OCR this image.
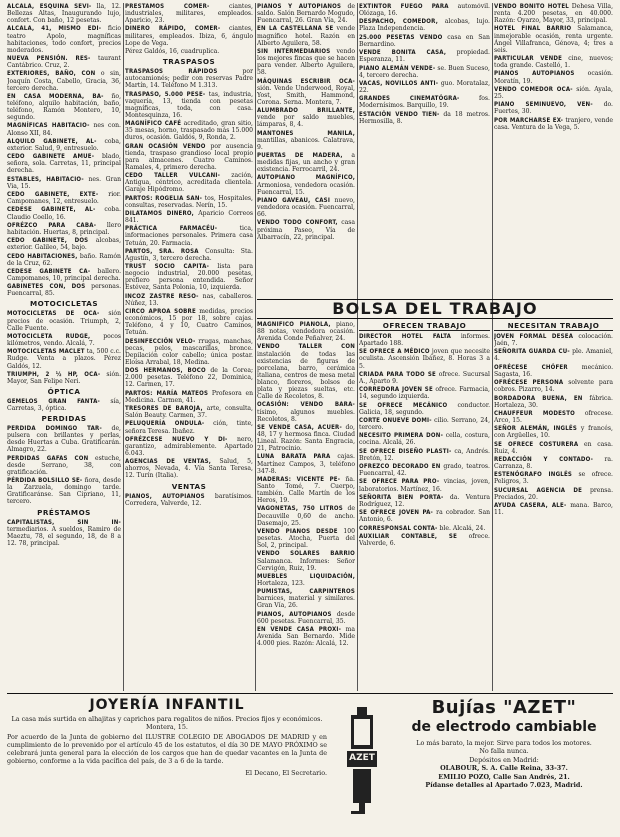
ALCALA, ESQUINA SEVI- lla, 12. Bellezas Altas, Inaugurando lujo, confort. Con baño, 12 pesetas.

ALCALA, 41, MISMO EDI- ficio teatro Apolo, magníficas habitaciones, todo confort, precios moderados.

NUEVA PENSIÓN. RES- taurant Cantábrico. Cruz, 2.

EXTERIORES, BAÑO, CON o sin, Joaquín Costa, Cabello, Gracia, 36, tercero derecha.

EN CASA MODERNA, BA- ño, teléfono, alquilo habitación, baño, teléfono, Ramón Montero, 10, segundo.

MAGNÍFICAS HABITACIO- nes con. Alonso XII, 84.

ALQUILO GABINETE, AL- coba, exterior. Salud, 9, entresuelo.

CEDO GABINETE AMUE- blado, señora, sola. Carretas, 11, principal derecha.

ESTABLES, HABITACIO- nes. Gran Via, 15.

CEDO GABINETE, EXTE- rior. Campomanes, 12, entresuelo.

CEDESE GABINETE, AL- coba. Claudio Coello, 16.

OFRÉZCO PARA CABA- llero habitación. Huertas, 8, principal.

CEDO GABINETE, DOS alcobas, exterior. Galileo, 54, bajo.

CEDO HABITACIONES, baño. Ramón de la Cruz, 62.

CEDESE GABINETE CA- ballero. Campomanes, 10, principal derecha.

GABINETES CON, DOS personas. Fuencarral, 85.

MOTOCICLETAS

MOTOCICLETAS DE OCA- sión precios de ocasión. Triumph, 2, Calle Fuente.

MOTOCICLETA RUDGE, pocos kilómetros, vendo. Alcalá, 7.

MOTOCICLETAS MACLET ta, 500 c.c. Rudge. Venta a plazos. Pérez Galdós, 12.

TRIUMPH, 2 ½ HP, OCA- sión. Mayor, San Felipe Neri.

ÓPTICA

GEMELOS GRAN FANTA- sía, Carretas, 3, óptica.

PERDIDAS

PERDIDA DOMINGO TAR- de, pulsera con brillantes y perlas, desde Huertas a Cuba. Gratificarán. Almagro, 22.

PERDIDAS GAFAS CON estuche, desde Serrano, 38, con gratificación.

PÉRDIDA BOLSILLO SE- ñora, desde la Zarzuela, domingo tarde. Gratificaránse. San Cipriano, 11, tercero.

PRÉSTAMOS

CAPITALISTAS, SIN IN- termediarios. A sueldos, Ramiro de Maeztu, 78, el segundo, 18, de 8 a 12. 78, principal.

PRÉSTAMOS COMER- ciantes, industriales, militares, empleados. Aparicio, 23.

DINERO RÁPIDO, COMER- ciantes, militares, empleados. Ibiza, 6, ángulo Lope de Vega.

Pérez Galdós, 16, cuadruplica.

TRASPASOS

TRASPASOS RÁPIDOS por autocamionés; pedir con reservas Padre Martín, 14. Teléfono M 1.313.

TRASPASO, 5.000 PESE- tas, industria, vaquería, 13, tienda con pesetas magníficas, toda, con casa. Montesquinza, 16.

MAGNÍFICO CAFÉ acreditado, gran sitio, 35 mesas, horno, traspasado más 15.000 duros, ocasión. Galdós, 9, Ronda, 2.

GRAN OCASIÓN VENDO por ausencia tienda, traspaso grandioso local propio para almacenes. Cuatro Caminos. Ramales, 4, primero derecha.

CEDO TALLER VULCANI- zación, Antigua, céntrico, acreditada clientela. Garaje Hipódromo.

PARTOS: ROGELIA SAN- tos, Hospitales, consultas, reservadas. Nerín, 15.

DILATAMOS DINERO, Aparicio Correos 841.

PRÁCTICA FARMACÉU- tica, informaciones personales. Primera casa Tetuán, 20. Farmacia.

PARTOS, SRA. ROSA Consulta: Sta. Agustín, 3, tercero derecha.

TRUST SOCIO CAPITA- lista para negocio industrial, 20.000 pesetas, prefiero persona entendida. Señor Estévez, Santa Polonia, 10, izquierda.

INCOZ ZASTRE RESO- nas, caballeros. Núñez, 13.

CIRCO APROA SOBRE medidas, precios económicos, 15 por 18, sobre cajas. Teléfono, 4 y 10, Cuatro Caminos, Tetuán.

DESINFECCIÓN VELO- rrugas, manchas, pecas, pelos, mascarillas, bronce. Depilación color cabello; única postar. Eloísa Arrabal, 18, Medina.

DOS HERMANOS, BOCO de la Corea; 2.000 pesetas. Teléfono 22, Dominica, 12. Carmen, 17.

PARTOS: MARÍA MATEOS Profesora en Medicina. Carmen, 41.

TRESORES DE BAROJA, arte, consulta, Salón Beauty. Carmen, 37.

PELUQUERÍA ONDULA- ción, tinte, señora Teresa. Ibañez.

OFRÉZCESE NUEVO Y DI- nero, garantizo, admirablemente. Apartado 6.043.

AGENCIAS DE VENTAS, Salud, 5, ahorros, Nevada, 4. Vía Santa Teresa, 12. Turín (Italia).

VENTAS

PIANOS, AUTOPIANOS baratísimos. Corredera, Valverde, 12.

PIANOS Y AUTOPIANOS de saldo. Salón Bernardo Mogudo, Fuencarral, 26. Gran Vía, 24.

EN LA CASTELLANA SE vende magnífico hotel. Razón en Alberto Aguilera, 58.

SIN INTERMEDIARIOS vendo los mejores fincas que se hacen para vender. Alberto Aguilera, 58.

MÁQUINAS ESCRIBIR OCA- sión. Vende Underwood, Royal, Yost, Smith, Hammond, Corona. Serna. Montera, 7.

ALUMBRADO BRILLANTE, vende por saldo muebles, lámparas, 8, 4.

MANTONES MANILA, mantillas, abanicos. Calatrava, 9.

PUERTAS DE MADERA, a medidas fijas, un ancho y gran existencia. Ferrocarril, 24.

AUTOPIANO MAGNÍFICO, Armoniosa, vendedora ocasión. Fuencarral, 15.

PIANO GAVEAU, CASI nuevo, vendedora ocasión. Fuencarral, 66.

VENDO TODO CONFORT, casa próxima Paseo, Vía de Albarracín, 22, principal.

MAGNÍFICO PIANOLA, piano, 88 notas, vendedora ocasión. Avenida Conde Peñalver, 24.

VENDO TALLER CON instalación de todas las existencias de figuras de porcelana, barro, cerámica italiana, centros de mesa metal blanco, floreros, bolsos de plata y piezas sueltas, etc. Calle de Recoletos, 8.

OCASIÓN: VENDO BARA- tísimo, algunos muebles. Recoletos, 8.

SE VENDE CASA, ACUER- do, 48, 17 y hermosa finca. Ciudad Lineal. Razón: Santa Engracia, 21, Patrocinio.

LUNA BARATA PARA cajas. Martínez Campos, 3, teléfono 347-8.

MADERAS: VICENTE PE- ña. Santo Tomé, 7. Cuerpo, también. Calle Martín de los Heros, 19.

VAGONETAS, 750 LITROS de Decauville 0,60 de ancho. Dasemajo, 25.

VENDO PIANOS DESDE 100 pesetas. Atocha, Puerta del Sol, 2, principal.

VENDO SOLARES BARRIO Salamanca. Informes: Señor Cervigón, Ruiz, 19.

MUEBLES LIQUIDACIÓN, Hortaleza, 123.

PUMISTAS, CARPINTEROS barnices, material y similares. Gran Vía, 26.

PIANOS, AUTOPIANOS desde 600 pesetas. Fuencarral, 35.

EN VENDE CASA PROXI- ma Avenida San Bernardo. Mide 4.000 pies. Razón: Alcalá, 12.

EXTINTOR FUEGO PARA automóvil. Olózaga, 16.

DESPACHO, COMEDOR, alcobas, lujo. Plaza Independencia.

25.000 PESETAS VENDO casa en San Bernardino.

VENDE BONITA CASA, propiedad. Esperanza, 11.

PIANO ALEMÁN VENDE- se. Buen Suceso, 4, tercero derecha.

VACAS, NOVILLOS ANTI- guo. Moratalaz, 22.

GRANDES CINEMATÓGRA- fos. Modernísimos. Barquillo, 19.

ESTACIÓN VENDO TIEN- da 18 metros. Hermosilla, 8.

OFRECEN TRABAJO

DIRECTOR HOTEL FALTA informes. Apartado 188.

SE OFRECE A MÉDICO joven que necesite oculista. Ascensión Ibáñez, 8. Horas 3 a 5.

CRIADA PARA TODO SE ofrece. Sucursal A., Aparto 9.

CORREDORA JOVEN SE ofrece. Farmacia, 14, segundo izquierda.

SE OFRECE MECÁNICO conductor. Galicia, 18, segundo.

CORTE ONUEVE DOMI- cilio. Serrano, 24, tercero.

NECESITO PRIMERA DON- cella, costura, cocina. Alcalá, 26.

SE OFRECE DISEÑO PLASTI- ca, Andrés. Bretón, 12.

OFREZCO DECORADO EN grado, teatros. Fuencarral, 42.

SE OFRECE PARA PRO- vincias, joven, laboratorios. Martínez, 16.

SEÑORITA BIEN PORTA- da. Ventura Rodríguez, 12.

SE OFRECE JOVEN PA- ra cobrador. San Antonio, 6.

CORRESPONSAL CONTA- ble. Alcalá, 24.

AUXILIAR CONTABLE, SE ofrece. Valverde, 6.

VENDO BONITO HOTEL Dehesa Villa, renta 4.200 pesetas, en 40.000. Razón: Oyarzo, Mayor, 33, principal.

HOTEL FINAL BARRIO Salamanca, inmejorable ocasión, renta urgente. Ángel Villafranca, Génova, 4; tres a seis.

PARTICULAR VENDE cine, nuevos; toda grande. Castelló, 1.

PIANOS AUTOPIANOS ocasión. Moratín, 19.

VENDO COMEDOR OCA- sión. Ayala, 25.

PIANO SEMINUEVO, VEN- do. Fuertes, 30.

POR MARCHARSE EX- tranjero, vende casa. Ventura de la Vega, 5.

NECESITAN TRABAJO

JOVEN FORMAL DESEA colocación. Jaén, 7.

SEÑORITA GUARDA CU- ple. Amaniel, 4.

OFRÉCESE CHÓFER mecánico. Sagasta, 16.

OFRÉCESE PERSONA solvente para cobros. Pizarro, 14.

BORDADORA BUENA, EN fábrica. Hortaleza, 30.

CHAUFFEUR MODESTO ofrecese. Arco, 15.

SEÑOR ALEMÁN, INGLÉS y francés, con Argüelles, 10.

SE OFRECE COSTURERA en casa. Ruiz, 4.

REDACCIÓN Y CONTADO- ra. Carranza, 8.

ESTENÓGRAFO INGLÉS se ofrece. Peligros, 3.

SUCURSAL AGENCIA DE prensa. Preciados, 20.

AYUDA CASERA, ALE- mana. Barco, 11.

BOLSA DEL TRABAJO
JOYERÍA INFANTIL
La casa más surtida en alhajitas y caprichos para regalitos de niños. Precios fijos y económicos. Montera, 15.
Por acuerdo de la Junta de gobierno del ILUSTRE COLEGIO DE ABOGADOS DE MADRID y en cumplimiento de lo prevenido por el artículo 45 de los estatutos, el día 30 DE MAYO PRÓXIMO se celebrará junta general para la elección de los cargos que han de quedar vacantes en la Junta de gobierno, conforme a la vida pacífica del país, de 3 a 6 de la tarde.
El Decano, El Secretario.
AZET
Bujías "AZET"
de electrodo cambiable
Lo más barato, la mejor. Sirve para todos los motores.
No falla nunca.
Depósitos en Madrid:
OLABOUR, S. A. Calle Reina, 33-37.
EMILIO POZO, Calle San Andrés, 21.
Pídanse detalles al Apartado 7.023, Madrid.
